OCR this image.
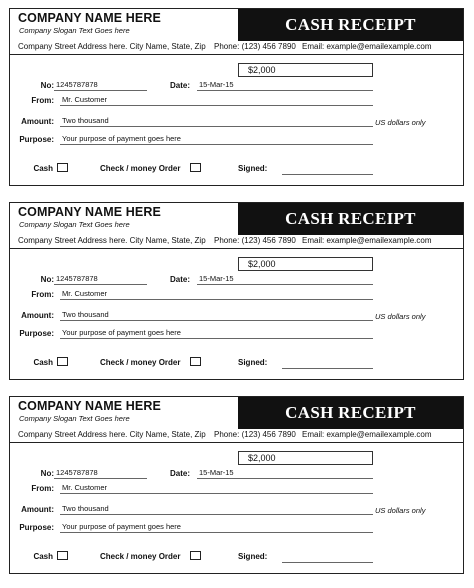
COMPANY NAME HERE
Company Slogan Text Goes here	CASH RECEIPT
Company Street Address here. City Name, State, Zip Phone: (123) 456 7890 Email: example@emailexample.com
$2,000
No: 1245787878	Date: 15-Mar-15
From: Mr. Customer
Amount: Two thousand	US dollars only
Purpose: Your purpose of payment goes here
Cash	Check / money Order	Signed:
COMPANY NAME HERE
Company Slogan Text Goes here	CASH RECEIPT
Company Street Address here. City Name, State, Zip Phone: (123) 456 7890 Email: example@emailexample.com
$2,000
No: 1245787878	Date: 15-Mar-15
From: Mr. Customer
Amount: Two thousand	US dollars only
Purpose: Your purpose of payment goes here
Cash	Check / money Order	Signed:
COMPANY NAME HERE
Company Slogan Text Goes here	CASH RECEIPT
Company Street Address here. City Name, State, Zip Phone: (123) 456 7890 Email: example@emailexample.com
$2,000
No: 1245787878	Date: 15-Mar-15
From: Mr. Customer
Amount: Two thousand	US dollars only
Purpose: Your purpose of payment goes here
Cash	Check / money Order	Signed:
